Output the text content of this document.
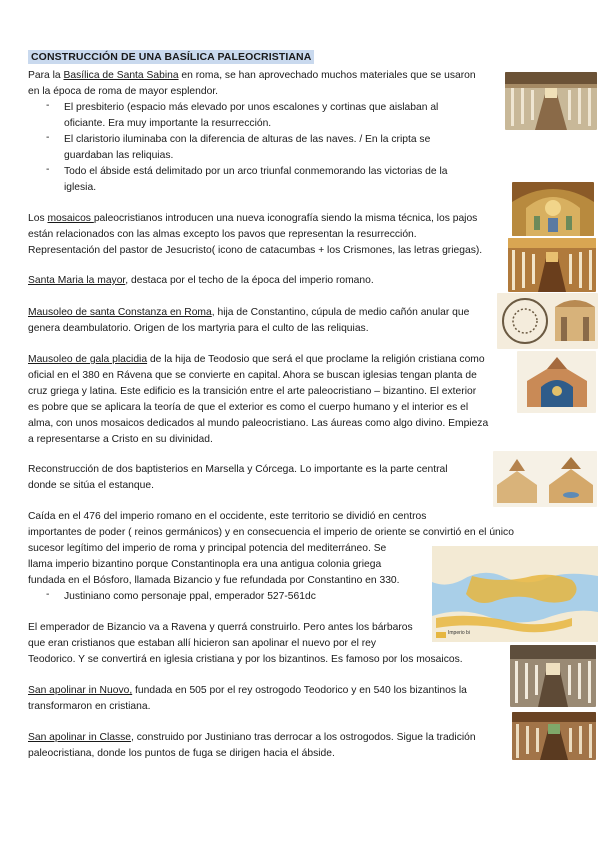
CONSTRUCCIÓN DE UNA BASÍLICA PALEOCRISTIANA

Para la Basílica de Santa Sabina en roma, se han aprovechado muchos materiales que se usaron

en la época de roma de mayor esplendor.

- El presbiterio (espacio más elevado por unos escalones y cortinas que aislaban al

oficiante. Era muy importante la resurrección.

- El claristorio iluminaba con la diferencia de alturas de las naves. / En la cripta se

guardaban las reliquias.

- Todo el ábside está delimitado por un arco triunfal conmemorando las victorias de la

iglesia.

Los mosaicos paleocristianos introducen una nueva iconografía siendo la misma técnica, los pajos

están relacionados con las almas excepto los pavos que representan la resurrección.

Representación del pastor de Jesucristo( icono de catacumbas + los Crismones, las letras griegas).

Santa Maria la mayor, destaca por el techo de la época del imperio romano.

Mausoleo de santa Constanza en Roma, hija de Constantino, cúpula de medio cañón anular que

genera deambulatorio. Origen de los martyria para el culto de las reliquias.

Mausoleo de gala placidia de la hija de Teodosio que será el que proclame la religión cristiana como

oficial en el 380 en Rávena que se convierte en capital. Ahora se buscan iglesias tengan planta de

cruz griega y latina. Este edificio es la transición entre el arte paleocristiano – bizantino. El exterior

es pobre que se aplicara la teoría de que el exterior es como el cuerpo humano y el interior es el

alma, con unos mosaicos dedicados al mundo paleocristiano. Las áureas como algo divino. Empieza

a representarse a Cristo en su divinidad.

Reconstrucción de dos baptisterios en Marsella y Córcega. Lo importante es la parte central

donde se sitúa el estanque.

Caída en el 476 del imperio romano en el occidente, este territorio se dividió en centros

importantes de poder ( reinos germánicos) y en consecuencia el imperio de oriente se convirtió en el único

sucesor legítimo del imperio de roma y principal potencia del mediterráneo. Se

llama imperio bizantino porque Constantinopla era una antigua colonia griega

fundada en el Bósforo, llamada Bizancio y fue refundada por Constantino en 330.

- Justiniano como personaje ppal, emperador 527-561dc

El emperador de Bizancio va a Ravena y querrá construirlo. Pero antes los bárbaros

que eran cristianos que estaban allí hicieron san apolinar el nuevo por el rey

Teodorico. Y se convertirá en iglesia cristiana y por los bizantinos. Es famoso por los mosaicos.

San apolinar in Nuovo, fundada en 505 por el rey ostrogodo Teodorico y en 540 los bizantinos la

transformaron en cristiana.

San apolinar in Classe, construido por Justiniano tras derrocar a los ostrogodos. Sigue la tradición

paleocristiana, donde los puntos de fuga se dirigen hacia el ábside.

Imperio bi
